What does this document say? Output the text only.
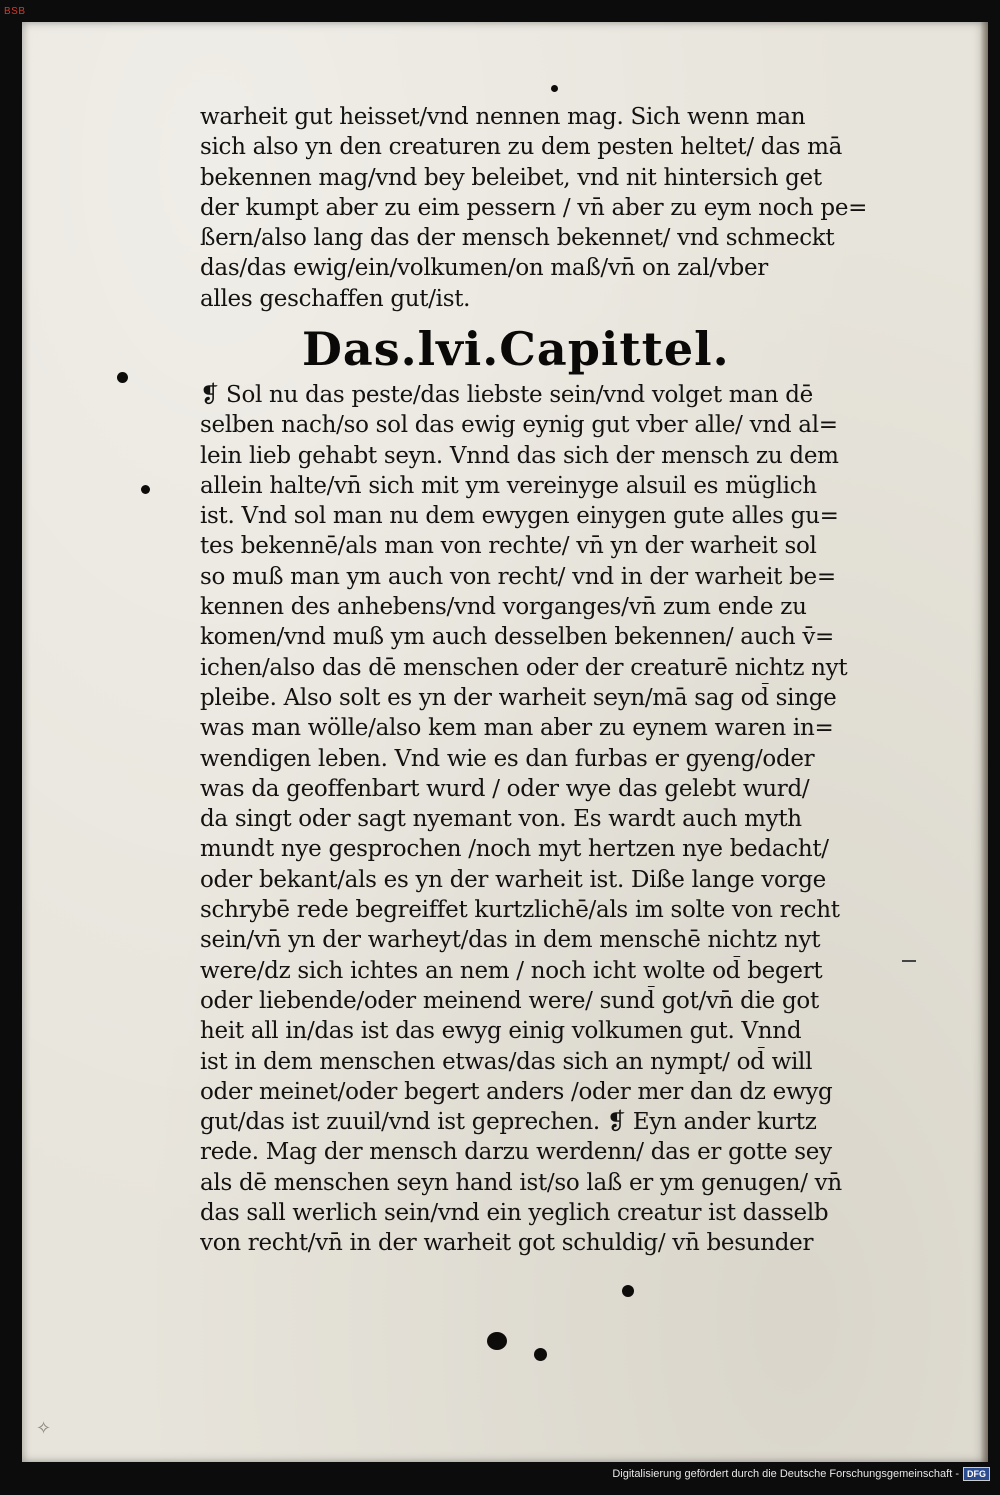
BSB
✧
warheit gut heisset/vnd nennen mag. Sich wenn man
sich also yn den creaturen zu dem pesten heltet/ das mā
bekennen mag/vnd bey beleibet, vnd nit hintersich get
der kumpt aber zu eim pessern / vn̄ aber zu eym noch pe=
ßern/also lang das der mensch bekennet/ vnd schmeckt
das/das ewig/ein/volkumen/on maß/vn̄ on zal/vber
alles geschaffen gut/ist.
Das.lvi.Capittel.
❡ Sol nu das peste/das liebste sein/vnd volget man dē
selben nach/so sol das ewig eynig gut vber alle/ vnd al=
lein lieb gehabt seyn. Vnnd das sich der mensch zu dem
allein halte/vn̄ sich mit ym vereinyge alsuil es müglich
ist. Vnd sol man nu dem ewygen einygen gute alles gu=
tes bekennē/als man von rechte/ vn̄ yn der warheit sol
so muß man ym auch von recht/ vnd in der warheit be=
kennen des anhebens/vnd vorganges/vn̄ zum ende zu
komen/vnd muß ym auch desselben bekennen/ auch v̄=
ichen/also das dē menschen oder der creaturē nichtz nyt
pleibe. Also solt es yn der warheit seyn/mā sag od̄ singe
was man wölle/also kem man aber zu eynem waren in=
wendigen leben. Vnd wie es dan furbas er gyeng/oder
was da geoffenbart wurd / oder wye das gelebt wurd/
da singt oder sagt nyemant von. Es wardt auch myth
mundt nye gesprochen /noch myt hertzen nye bedacht/
oder bekant/als es yn der warheit ist. Diße lange vorge
schrybē rede begreiffet kurtzlichē/als im solte von recht
sein/vn̄ yn der warheyt/das in dem menschē nichtz nyt
were/dz sich ichtes an nem / noch icht wolte od̄ begert
oder liebende/oder meinend were/ sund̄ got/vn̄ die got
heit all in/das ist das ewyg einig volkumen gut. Vnnd
ist in dem menschen etwas/das sich an nympt/ od̄ will
oder meinet/oder begert anders /oder mer dan dz ewyg
gut/das ist zuuil/vnd ist geprechen. ❡ Eyn ander kurtz
rede. Mag der mensch darzu werdenn/ das er gotte sey
als dē menschen seyn hand ist/so laß er ym genugen/ vn̄
das sall werlich sein/vnd ein yeglich creatur ist dasselb
von recht/vn̄ in der warheit got schuldig/ vn̄ besunder
Digitalisierung gefördert durch die Deutsche Forschungsgemeinschaft - DFG
